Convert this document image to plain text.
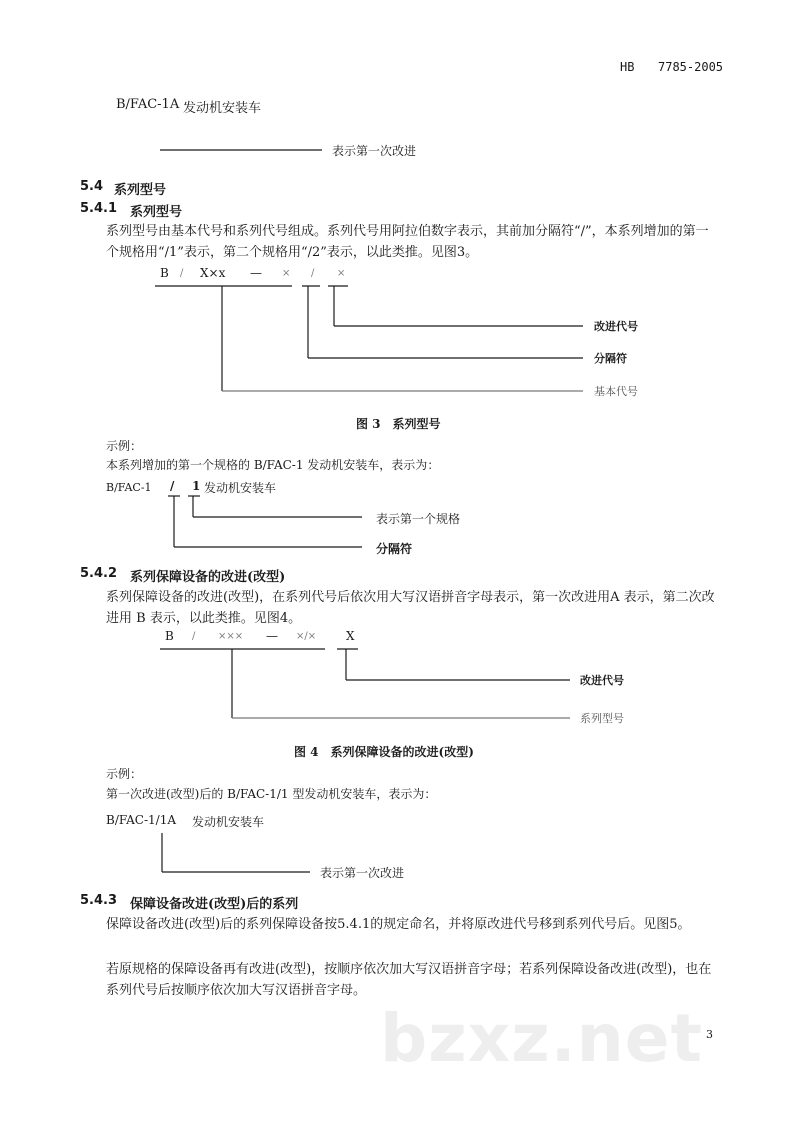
HB 7785-2005
B/FAC-1A 发动机安装车
表示第一次改进
5.4 系列型号
5.4.1 系列型号
系列型号由基本代号和系列代号组成。系列代号用阿拉伯数字表示，其前加分隔符“/”，本系列增加的第一个规格用“/1”表示，第二个规格用“/2”表示，以此类推。见图3。
B / X×x — × / ×
改进代号
分隔符
基本代号
图 3　系列型号
示例：
本系列增加的第一个规格的 B/FAC-1 发动机安装车，表示为：
B/FAC-1 / 1 发动机安装车
表示第一个规格
分隔符
5.4.2 系列保障设备的改进(改型)
系列保障设备的改进(改型)，在系列代号后依次用大写汉语拼音字母表示，第一次改进用A 表示，第二次改进用 B 表示，以此类推。见图4。
B / ××× — ×/× X
改进代号
系列型号
图 4　系列保障设备的改进(改型)
示例：
第一次改进(改型)后的 B/FAC-1/1 型发动机安装车，表示为：
B/FAC-1/1A 发动机安装车
表示第一次改进
5.4.3 保障设备改进(改型)后的系列
保障设备改进(改型)后的系列保障设备按5.4.1的规定命名，并将原改进代号移到系列代号后。见图5。
若原规格的保障设备再有改进(改型)，按顺序依次加大写汉语拼音字母；若系列保障设备改进(改型)，也在系列代号后按顺序依次加大写汉语拼音字母。
bzxz.net 3
